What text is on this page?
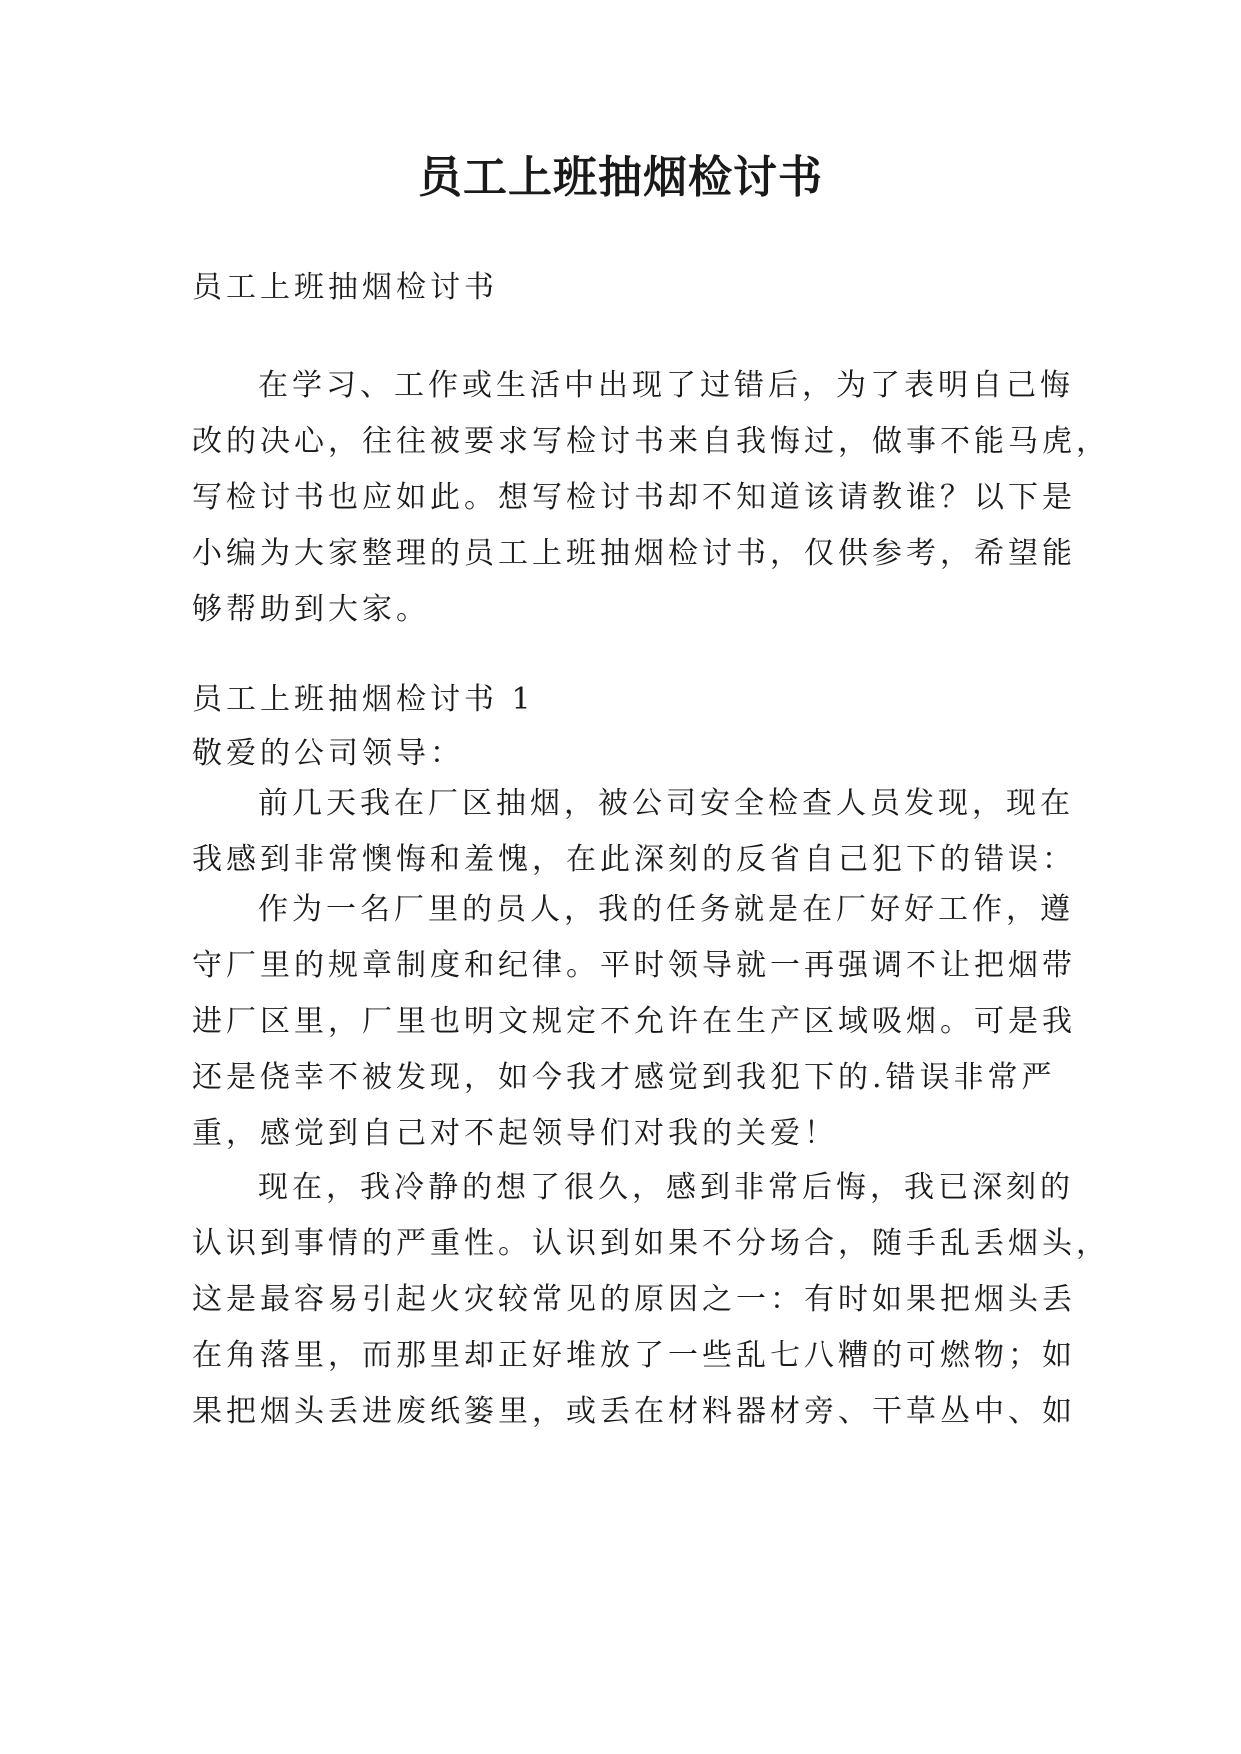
员工上班抽烟检讨书

员工上班抽烟检讨书

在学习、工作或生活中出现了过错后，为了表明自己悔
改的决心，往往被要求写检讨书来自我悔过，做事不能马虎，
写检讨书也应如此。想写检讨书却不知道该请教谁？以下是
小编为大家整理的员工上班抽烟检讨书，仅供参考，希望能
够帮助到大家。

员工上班抽烟检讨书 1

敬爱的公司领导：

前几天我在厂区抽烟，被公司安全检查人员发现，现在
我感到非常懊悔和羞愧，在此深刻的反省自己犯下的错误：
作为一名厂里的员人，我的任务就是在厂好好工作，遵
守厂里的规章制度和纪律。平时领导就一再强调不让把烟带
进厂区里，厂里也明文规定不允许在生产区域吸烟。可是我
还是侥幸不被发现，如今我才感觉到我犯下的.错误非常严
重，感觉到自己对不起领导们对我的关爱！
现在，我冷静的想了很久，感到非常后悔，我已深刻的
认识到事情的严重性。认识到如果不分场合，随手乱丢烟头，
这是最容易引起火灾较常见的原因之一：有时如果把烟头丢
在角落里，而那里却正好堆放了一些乱七八糟的可燃物；如
果把烟头丢进废纸篓里，或丢在材料器材旁、干草丛中、如
